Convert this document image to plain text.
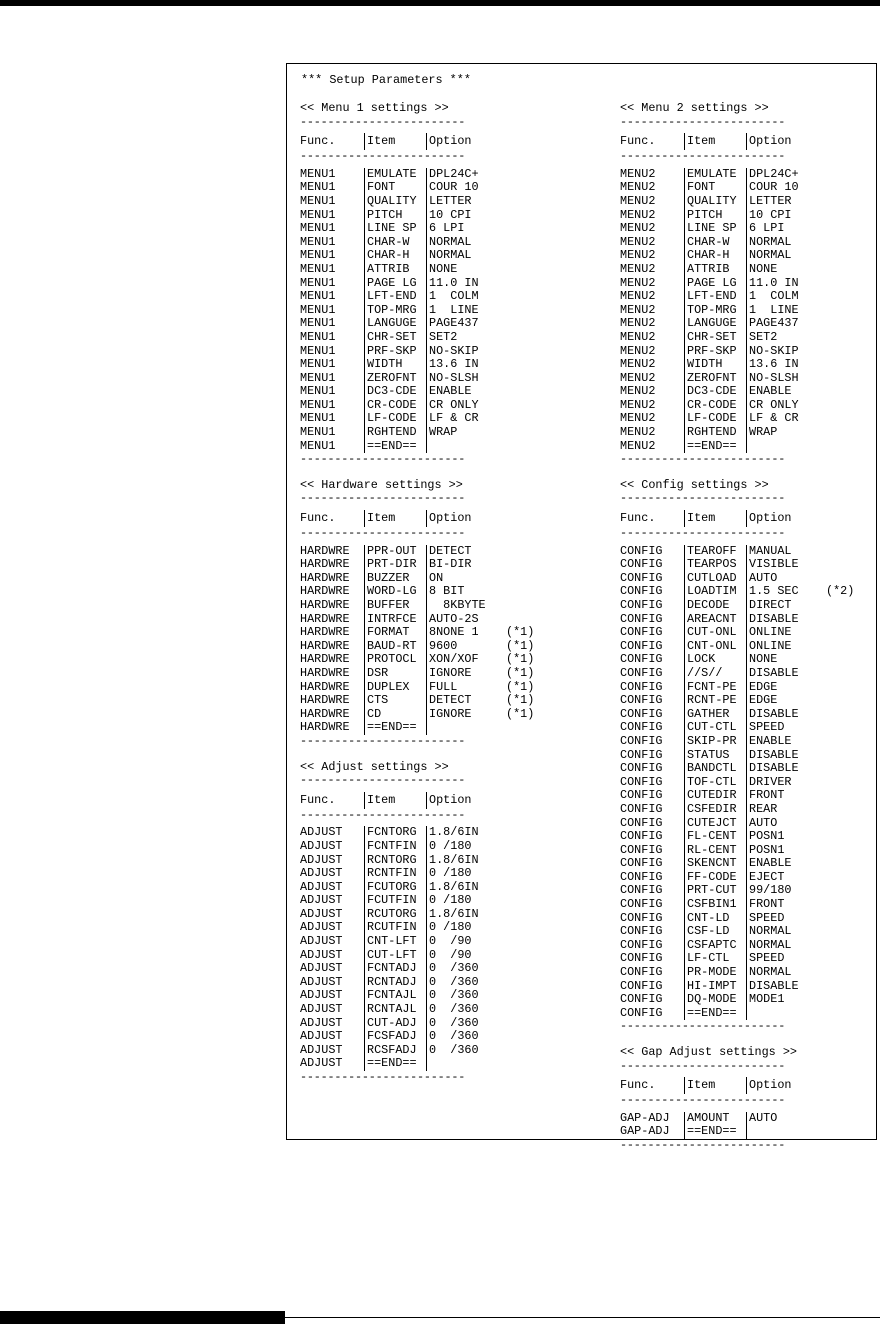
*** Setup Parameters ***
<< Menu 1 settings >>
------------------------
Func.	Item	Option
------------------------
MENU1	EMULATE	DPL24C+
MENU1	FONT	COUR 10
MENU1	QUALITY	LETTER
MENU1	PITCH	10 CPI
MENU1	LINE SP	6 LPI
MENU1	CHAR-W	NORMAL
MENU1	CHAR-H	NORMAL
MENU1	ATTRIB	NONE
MENU1	PAGE LG	11.0 IN
MENU1	LFT-END	1  COLM
MENU1	TOP-MRG	1  LINE
MENU1	LANGUGE	PAGE437
MENU1	CHR-SET	SET2
MENU1	PRF-SKP	NO-SKIP
MENU1	WIDTH	13.6 IN
MENU1	ZEROFNT	NO-SLSH
MENU1	DC3-CDE	ENABLE
MENU1	CR-CODE	CR ONLY
MENU1	LF-CODE	LF & CR
MENU1	RGHTEND	WRAP
MENU1	==END==
------------------------
<< Hardware settings >>
------------------------
Func.	Item	Option
------------------------
HARDWRE	PPR-OUT	DETECT
HARDWRE	PRT-DIR	BI-DIR
HARDWRE	BUZZER	ON
HARDWRE	WORD-LG	8 BIT
HARDWRE	BUFFER	8KBYTE
HARDWRE	INTRFCE	AUTO-2S
HARDWRE	FORMAT	8NONE 1	(*1)
HARDWRE	BAUD-RT	9600	(*1)
HARDWRE	PROTOCL	XON/XOF	(*1)
HARDWRE	DSR	IGNORE	(*1)
HARDWRE	DUPLEX	FULL	(*1)
HARDWRE	CTS	DETECT	(*1)
HARDWRE	CD	IGNORE	(*1)
HARDWRE	==END==
------------------------
<< Adjust settings >>
------------------------
Func.	Item	Option
------------------------
ADJUST	FCNTORG	1.8/6IN
ADJUST	FCNTFIN	0 /180
ADJUST	RCNTORG	1.8/6IN
ADJUST	RCNTFIN	0 /180
ADJUST	FCUTORG	1.8/6IN
ADJUST	FCUTFIN	0 /180
ADJUST	RCUTORG	1.8/6IN
ADJUST	RCUTFIN	0 /180
ADJUST	CNT-LFT	0  /90
ADJUST	CUT-LFT	0  /90
ADJUST	FCNTADJ	0  /360
ADJUST	RCNTADJ	0  /360
ADJUST	FCNTAJL	0  /360
ADJUST	RCNTAJL	0  /360
ADJUST	CUT-ADJ	0  /360
ADJUST	FCSFADJ	0  /360
ADJUST	RCSFADJ	0  /360
ADJUST	==END==
------------------------
<< Menu 2 settings >>
------------------------
Func.	Item	Option
------------------------
MENU2	EMULATE	DPL24C+
MENU2	FONT	COUR 10
MENU2	QUALITY	LETTER
MENU2	PITCH	10 CPI
MENU2	LINE SP	6 LPI
MENU2	CHAR-W	NORMAL
MENU2	CHAR-H	NORMAL
MENU2	ATTRIB	NONE
MENU2	PAGE LG	11.0 IN
MENU2	LFT-END	1  COLM
MENU2	TOP-MRG	1  LINE
MENU2	LANGUGE	PAGE437
MENU2	CHR-SET	SET2
MENU2	PRF-SKP	NO-SKIP
MENU2	WIDTH	13.6 IN
MENU2	ZEROFNT	NO-SLSH
MENU2	DC3-CDE	ENABLE
MENU2	CR-CODE	CR ONLY
MENU2	LF-CODE	LF & CR
MENU2	RGHTEND	WRAP
MENU2	==END==
------------------------
<< Config settings >>
------------------------
Func.	Item	Option
------------------------
CONFIG	TEAROFF	MANUAL
CONFIG	TEARPOS	VISIBLE
CONFIG	CUTLOAD	AUTO
CONFIG	LOADTIM	1.5 SEC	(*2)
CONFIG	DECODE	DIRECT
CONFIG	AREACNT	DISABLE
CONFIG	CUT-ONL	ONLINE
CONFIG	CNT-ONL	ONLINE
CONFIG	LOCK	NONE
CONFIG	//S//	DISABLE
CONFIG	FCNT-PE	EDGE
CONFIG	RCNT-PE	EDGE
CONFIG	GATHER	DISABLE
CONFIG	CUT-CTL	SPEED
CONFIG	SKIP-PR	ENABLE
CONFIG	STATUS	DISABLE
CONFIG	BANDCTL	DISABLE
CONFIG	TOF-CTL	DRIVER
CONFIG	CUTEDIR	FRONT
CONFIG	CSFEDIR	REAR
CONFIG	CUTEJCT	AUTO
CONFIG	FL-CENT	POSN1
CONFIG	RL-CENT	POSN1
CONFIG	SKENCNT	ENABLE
CONFIG	FF-CODE	EJECT
CONFIG	PRT-CUT	99/180
CONFIG	CSFBIN1	FRONT
CONFIG	CNT-LD	SPEED
CONFIG	CSF-LD	NORMAL
CONFIG	CSFAPTC	NORMAL
CONFIG	LF-CTL	SPEED
CONFIG	PR-MODE	NORMAL
CONFIG	HI-IMPT	DISABLE
CONFIG	DQ-MODE	MODE1
CONFIG	==END==
------------------------
<< Gap Adjust settings >>
------------------------
Func.	Item	Option
------------------------
GAP-ADJ	AMOUNT	AUTO
GAP-ADJ	==END==
------------------------
